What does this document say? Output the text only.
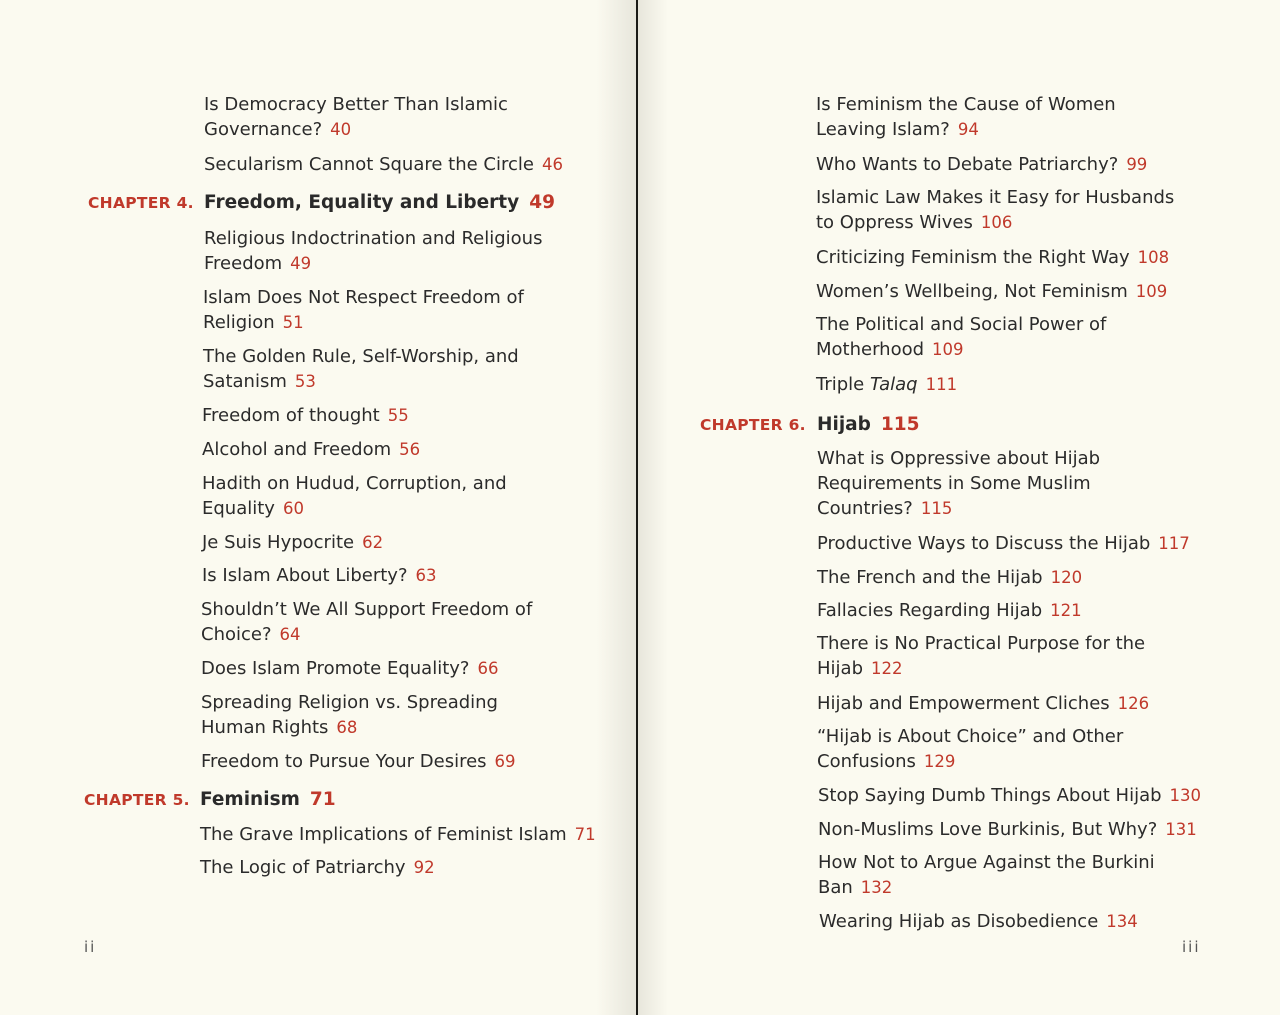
Is Democracy Better Than Islamic Governance? 40
Secularism Cannot Square the Circle 46
CHAPTER 4. Freedom, Equality and Liberty 49
Religious Indoctrination and Religious Freedom 49
Islam Does Not Respect Freedom of Religion 51
The Golden Rule, Self-Worship, and Satanism 53
Freedom of thought 55
Alcohol and Freedom 56
Hadith on Hudud, Corruption, and Equality 60
Je Suis Hypocrite 62
Is Islam About Liberty? 63
Shouldn’t We All Support Freedom of Choice? 64
Does Islam Promote Equality? 66
Spreading Religion vs. Spreading Human Rights 68
Freedom to Pursue Your Desires 69
CHAPTER 5. Feminism 71
The Grave Implications of Feminist Islam 71
The Logic of Patriarchy 92
ii
Is Feminism the Cause of Women Leaving Islam? 94
Who Wants to Debate Patriarchy? 99
Islamic Law Makes it Easy for Husbands to Oppress Wives 106
Criticizing Feminism the Right Way 108
Women’s Wellbeing, Not Feminism 109
The Political and Social Power of Motherhood 109
Triple Talaq 111
CHAPTER 6. Hijab 115
What is Oppressive about Hijab Requirements in Some Muslim Countries? 115
Productive Ways to Discuss the Hijab 117
The French and the Hijab 120
Fallacies Regarding Hijab 121
There is No Practical Purpose for the Hijab 122
Hijab and Empowerment Cliches 126
“Hijab is About Choice” and Other Confusions 129
Stop Saying Dumb Things About Hijab 130
Non-Muslims Love Burkinis, But Why? 131
How Not to Argue Against the Burkini Ban 132
Wearing Hijab as Disobedience 134
iii
